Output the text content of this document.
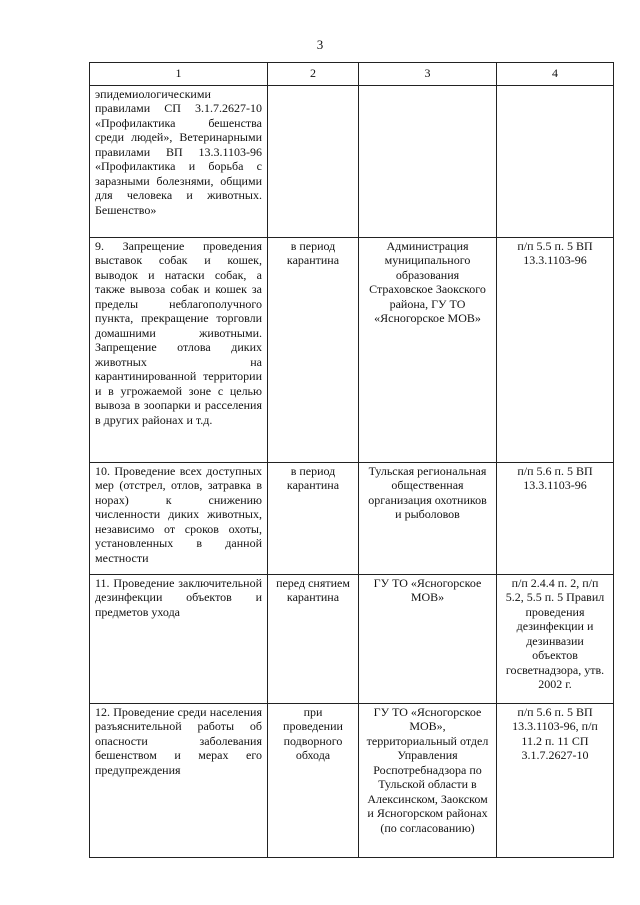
3
1	2	3	4
эпидемиологическими правилами СП 3.1.7.2627-10 «Профилактика бешенства среди людей», Ветеринарными правилами ВП 13.3.1103-96 «Профилактика и борьба с заразными болезнями, общими для человека и животных. Бешенство»			
9. Запрещение проведения выставок собак и кошек, выводок и натаски собак, а также вывоза собак и кошек за пределы неблагополучного пункта, прекращение торговли домашними животными. Запрещение отлова диких животных на карантинированной территории и в угрожаемой зоне с целью вывоза в зоопарки и расселения в других районах и т.д.	в период карантина	Администрация муниципального образования Страховское Заокского района, ГУ ТО «Ясногорское МОВ»	п/п 5.5 п. 5 ВП 13.3.1103-96
10. Проведение всех доступных мер (отстрел, отлов, затравка в норах) к снижению численности диких животных, независимо от сроков охоты, установленных в данной местности	в период карантина	Тульская региональная общественная организация охотников и рыболовов	п/п 5.6 п. 5 ВП 13.3.1103-96
11. Проведение заключительной дезинфекции объектов и предметов ухода	перед снятием карантина	ГУ ТО «Ясногорское МОВ»	п/п 2.4.4 п. 2, п/п 5.2, 5.5 п. 5 Правил проведения дезинфекции и дезинвазии объектов госветнадзора, утв. 2002 г.
12. Проведение среди населения разъяснительной работы об опасности заболевания бешенством и мерах его предупреждения	при проведении подворного обхода	ГУ ТО «Ясногорское МОВ», территориальный отдел Управления Роспотребнадзора по Тульской области в Алексинском, Заокском и Ясногорском районах (по согласованию)	п/п 5.6 п. 5 ВП 13.3.1103-96, п/п 11.2 п. 11 СП 3.1.7.2627-10
